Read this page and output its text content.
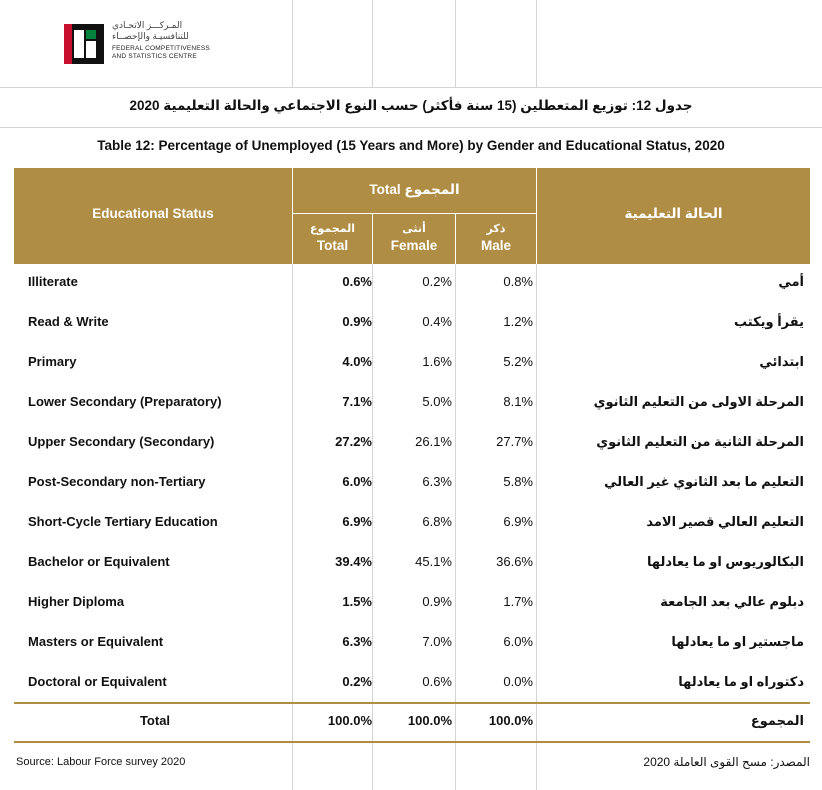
المـركـــز الاتحـادي
للتنافسيـة والإحصــاء
FEDERAL COMPETITIVENESS
AND STATISTICS CENTRE
جدول 12: توزيع المتعطلين (15 سنة فأكثر) حسب النوع الاجتماعي والحالة التعليمية 2020
Table 12: Percentage of Unemployed (15 Years and More) by Gender and Educational Status, 2020
Educational Status	الحالة التعليمية
Total المجموع
المجموع
Total
أنثى
Female
ذكر
Male
Illiterate	0.6%	0.2%	0.8%	أمي
Read & Write	0.9%	0.4%	1.2%	يقرأ ويكتب
Primary	4.0%	1.6%	5.2%	ابتدائي
Lower Secondary (Preparatory)	7.1%	5.0%	8.1%	المرحلة الاولى من التعليم الثانوي
Upper Secondary (Secondary)	27.2%	26.1%	27.7%	المرحلة الثانية من التعليم الثانوي
Post-Secondary non-Tertiary	6.0%	6.3%	5.8%	التعليم ما بعد الثانوي غير العالي
Short-Cycle Tertiary Education	6.9%	6.8%	6.9%	التعليم العالي قصير الامد
Bachelor or Equivalent	39.4%	45.1%	36.6%	البكالوريوس او ما يعادلها
Higher Diploma	1.5%	0.9%	1.7%	دبلوم عالي بعد الجامعة
Masters or Equivalent	6.3%	7.0%	6.0%	ماجستير او ما يعادلها
Doctoral or Equivalent	0.2%	0.6%	0.0%	دكتوراه او ما يعادلها
Total	100.0%	100.0%	100.0%	المجموع
Source: Labour Force survey 2020	المصدر: مسح القوى العاملة 2020
